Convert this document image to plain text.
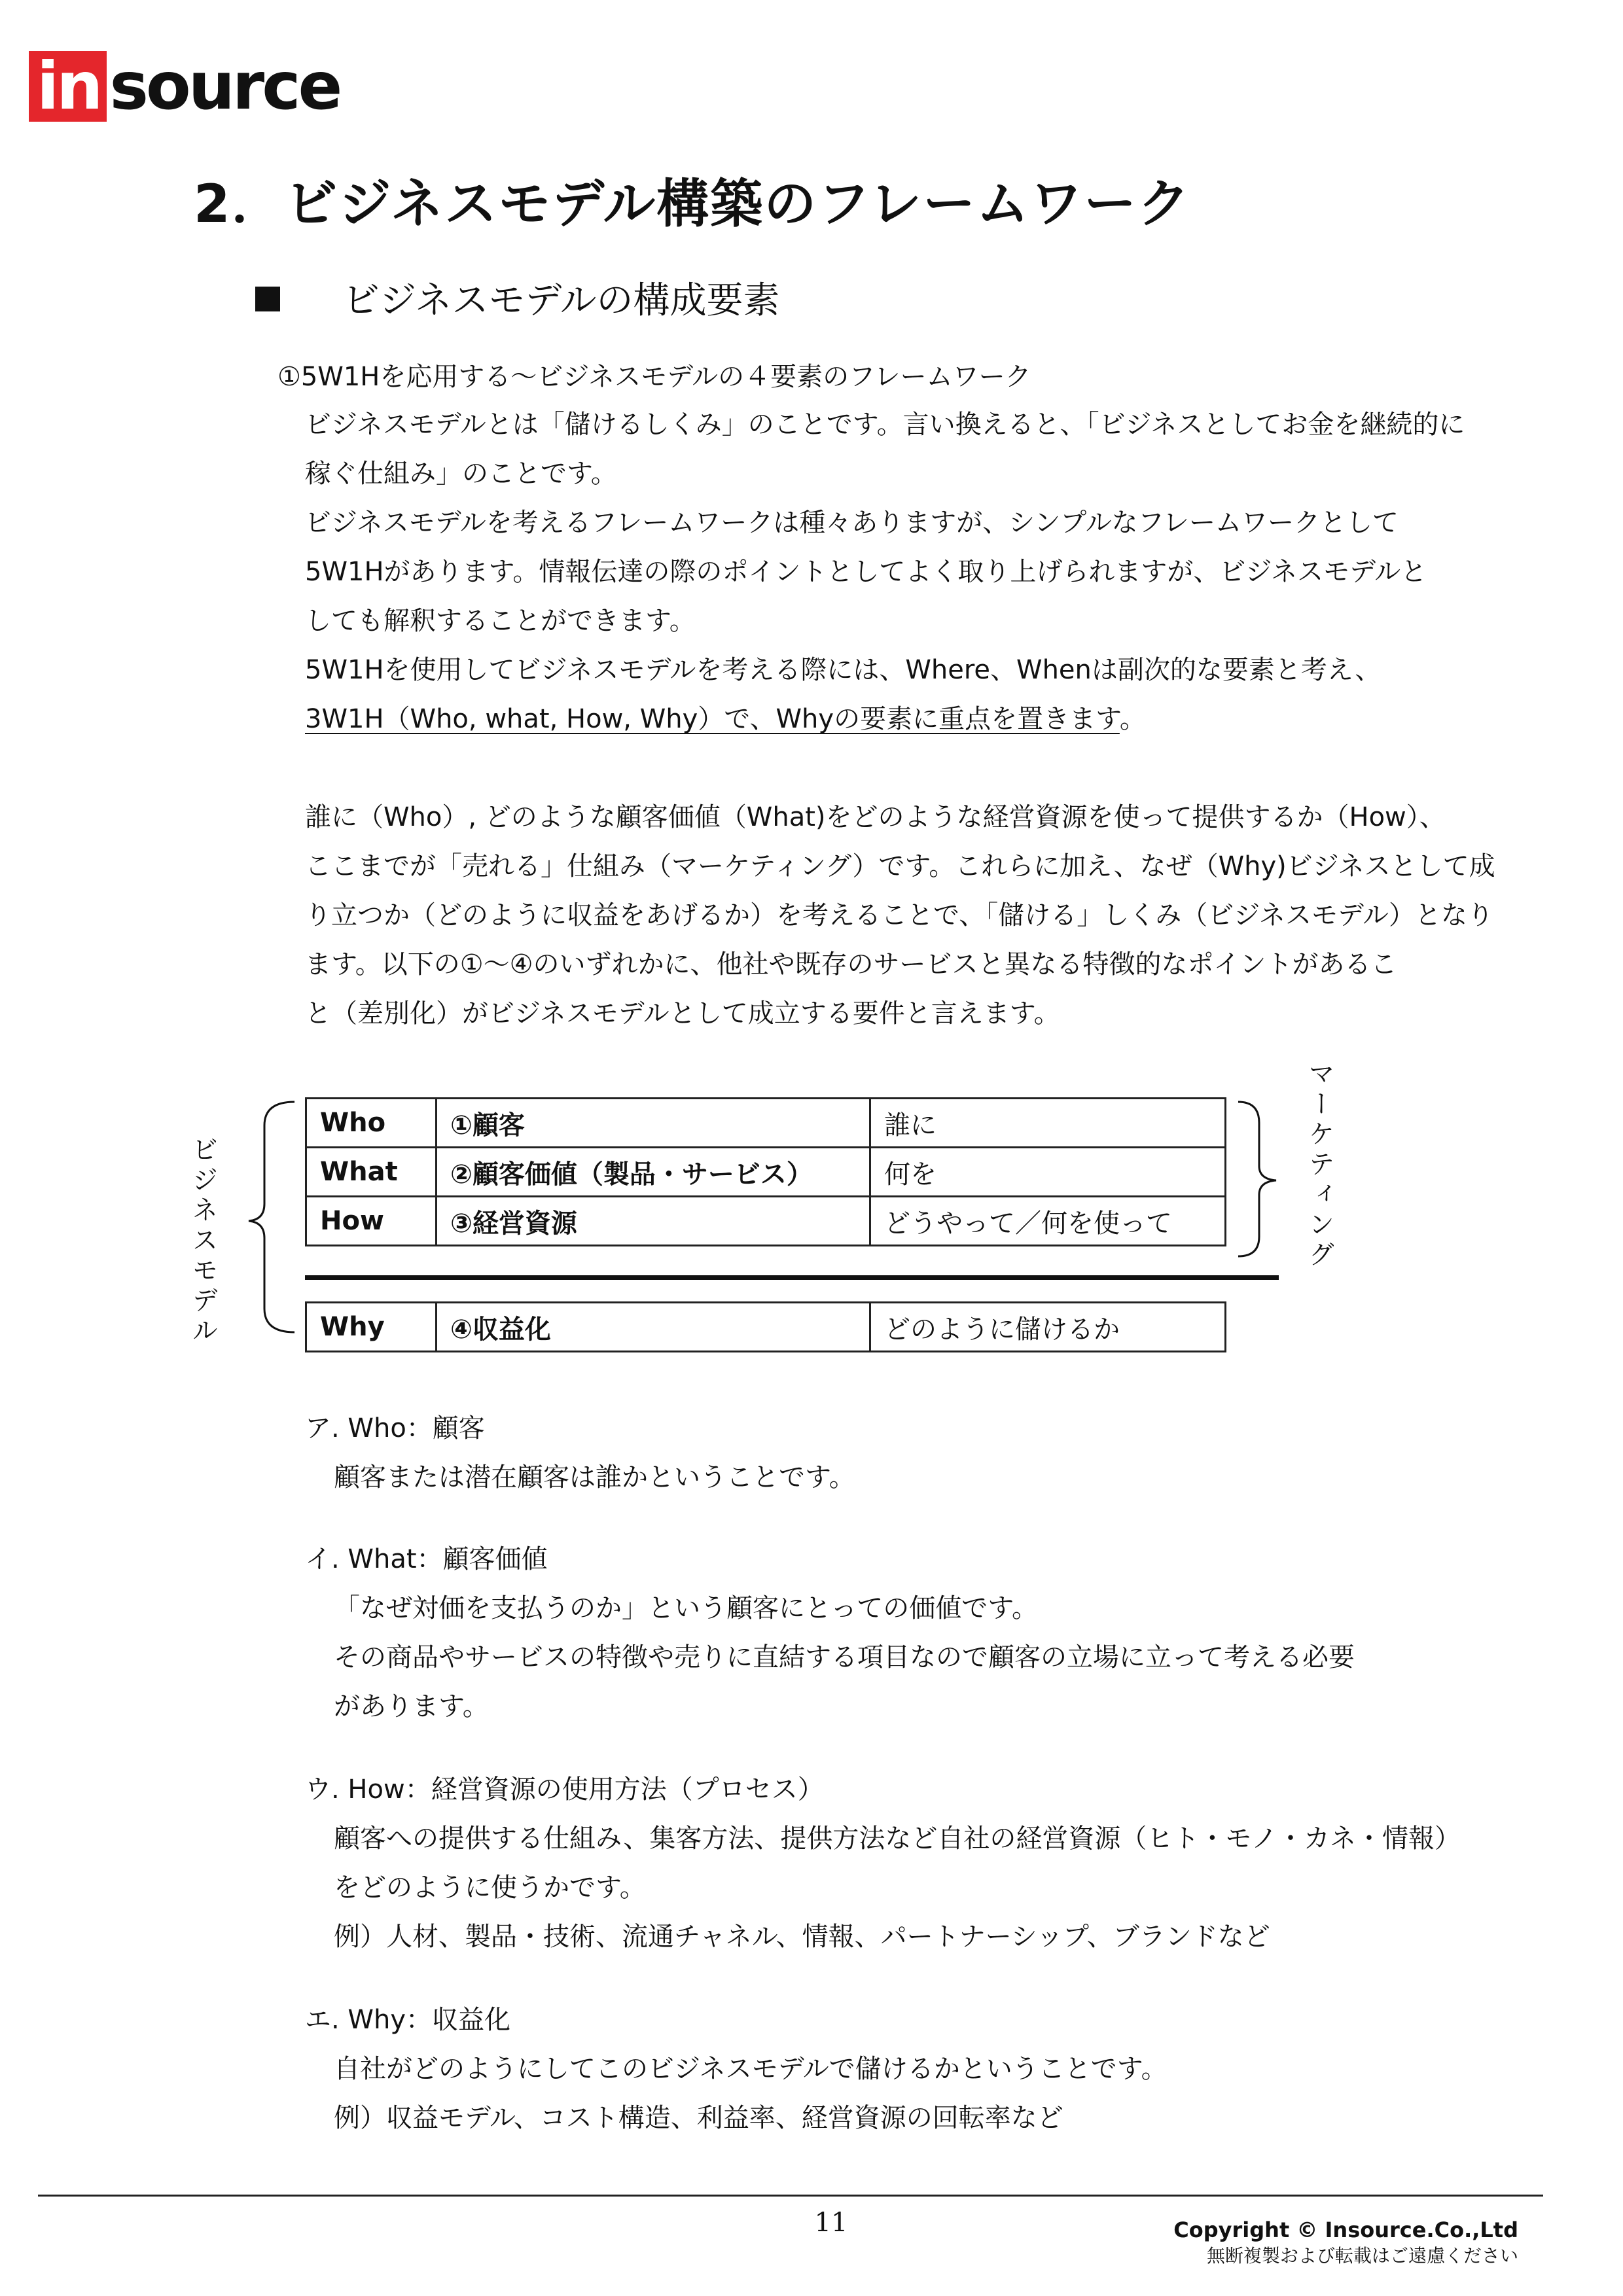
in source
2．ビジネスモデル構築のフレームワーク
ビジネスモデルの構成要素
①5W1Hを応用する〜ビジネスモデルの４要素のフレームワーク

ビジネスモデルとは「儲けるしくみ」のことです。言い換えると、「ビジネスとしてお金を継続的に

稼ぐ仕組み」のことです。

ビジネスモデルを考えるフレームワークは種々ありますが、シンプルなフレームワークとして

5W1Hがあります。情報伝達の際のポイントとしてよく取り上げられますが、ビジネスモデルと

しても解釈することができます。

5W1Hを使用してビジネスモデルを考える際には、Where、Whenは副次的な要素と考え、

3W1H（Who, what, How, Why）で、Whyの要素に重点を置きます。

誰に（Who）, どのような顧客価値（What)をどのような経営資源を使って提供するか（How）、

ここまでが「売れる」仕組み（マーケティング）です。これらに加え、なぜ（Why)ビジネスとして成

り立つか（どのように収益をあげるか）を考えることで、「儲ける」しくみ（ビジネスモデル）となり

ます。以下の①〜④のいずれかに、他社や既存のサービスと異なる特徴的なポイントがあるこ

と（差別化）がビジネスモデルとして成立する要件と言えます。

Who	①顧客	誰に
What	②顧客価値（製品・サービス）	何を
How	③経営資源	どうやって／何を使って
Why	④収益化	どのように儲けるか
ビジネスモデル	マーケティング

ア. Who：顧客

顧客または潜在顧客は誰かということです。

イ. What：顧客価値

「なぜ対価を支払うのか」という顧客にとっての価値です。

その商品やサービスの特徴や売りに直結する項目なので顧客の立場に立って考える必要

があります。

ウ. How：経営資源の使用方法（プロセス）

顧客への提供する仕組み、集客方法、提供方法など自社の経営資源（ヒト・モノ・カネ・情報）

をどのように使うかです。

例）人材、製品・技術、流通チャネル、情報、パートナーシップ、ブランドなど

エ. Why：収益化

自社がどのようにしてこのビジネスモデルで儲けるかということです。

例）収益モデル、コスト構造、利益率、経営資源の回転率など

11	Copyright © Insource.Co.,Ltd
無断複製および転載はご遠慮ください
